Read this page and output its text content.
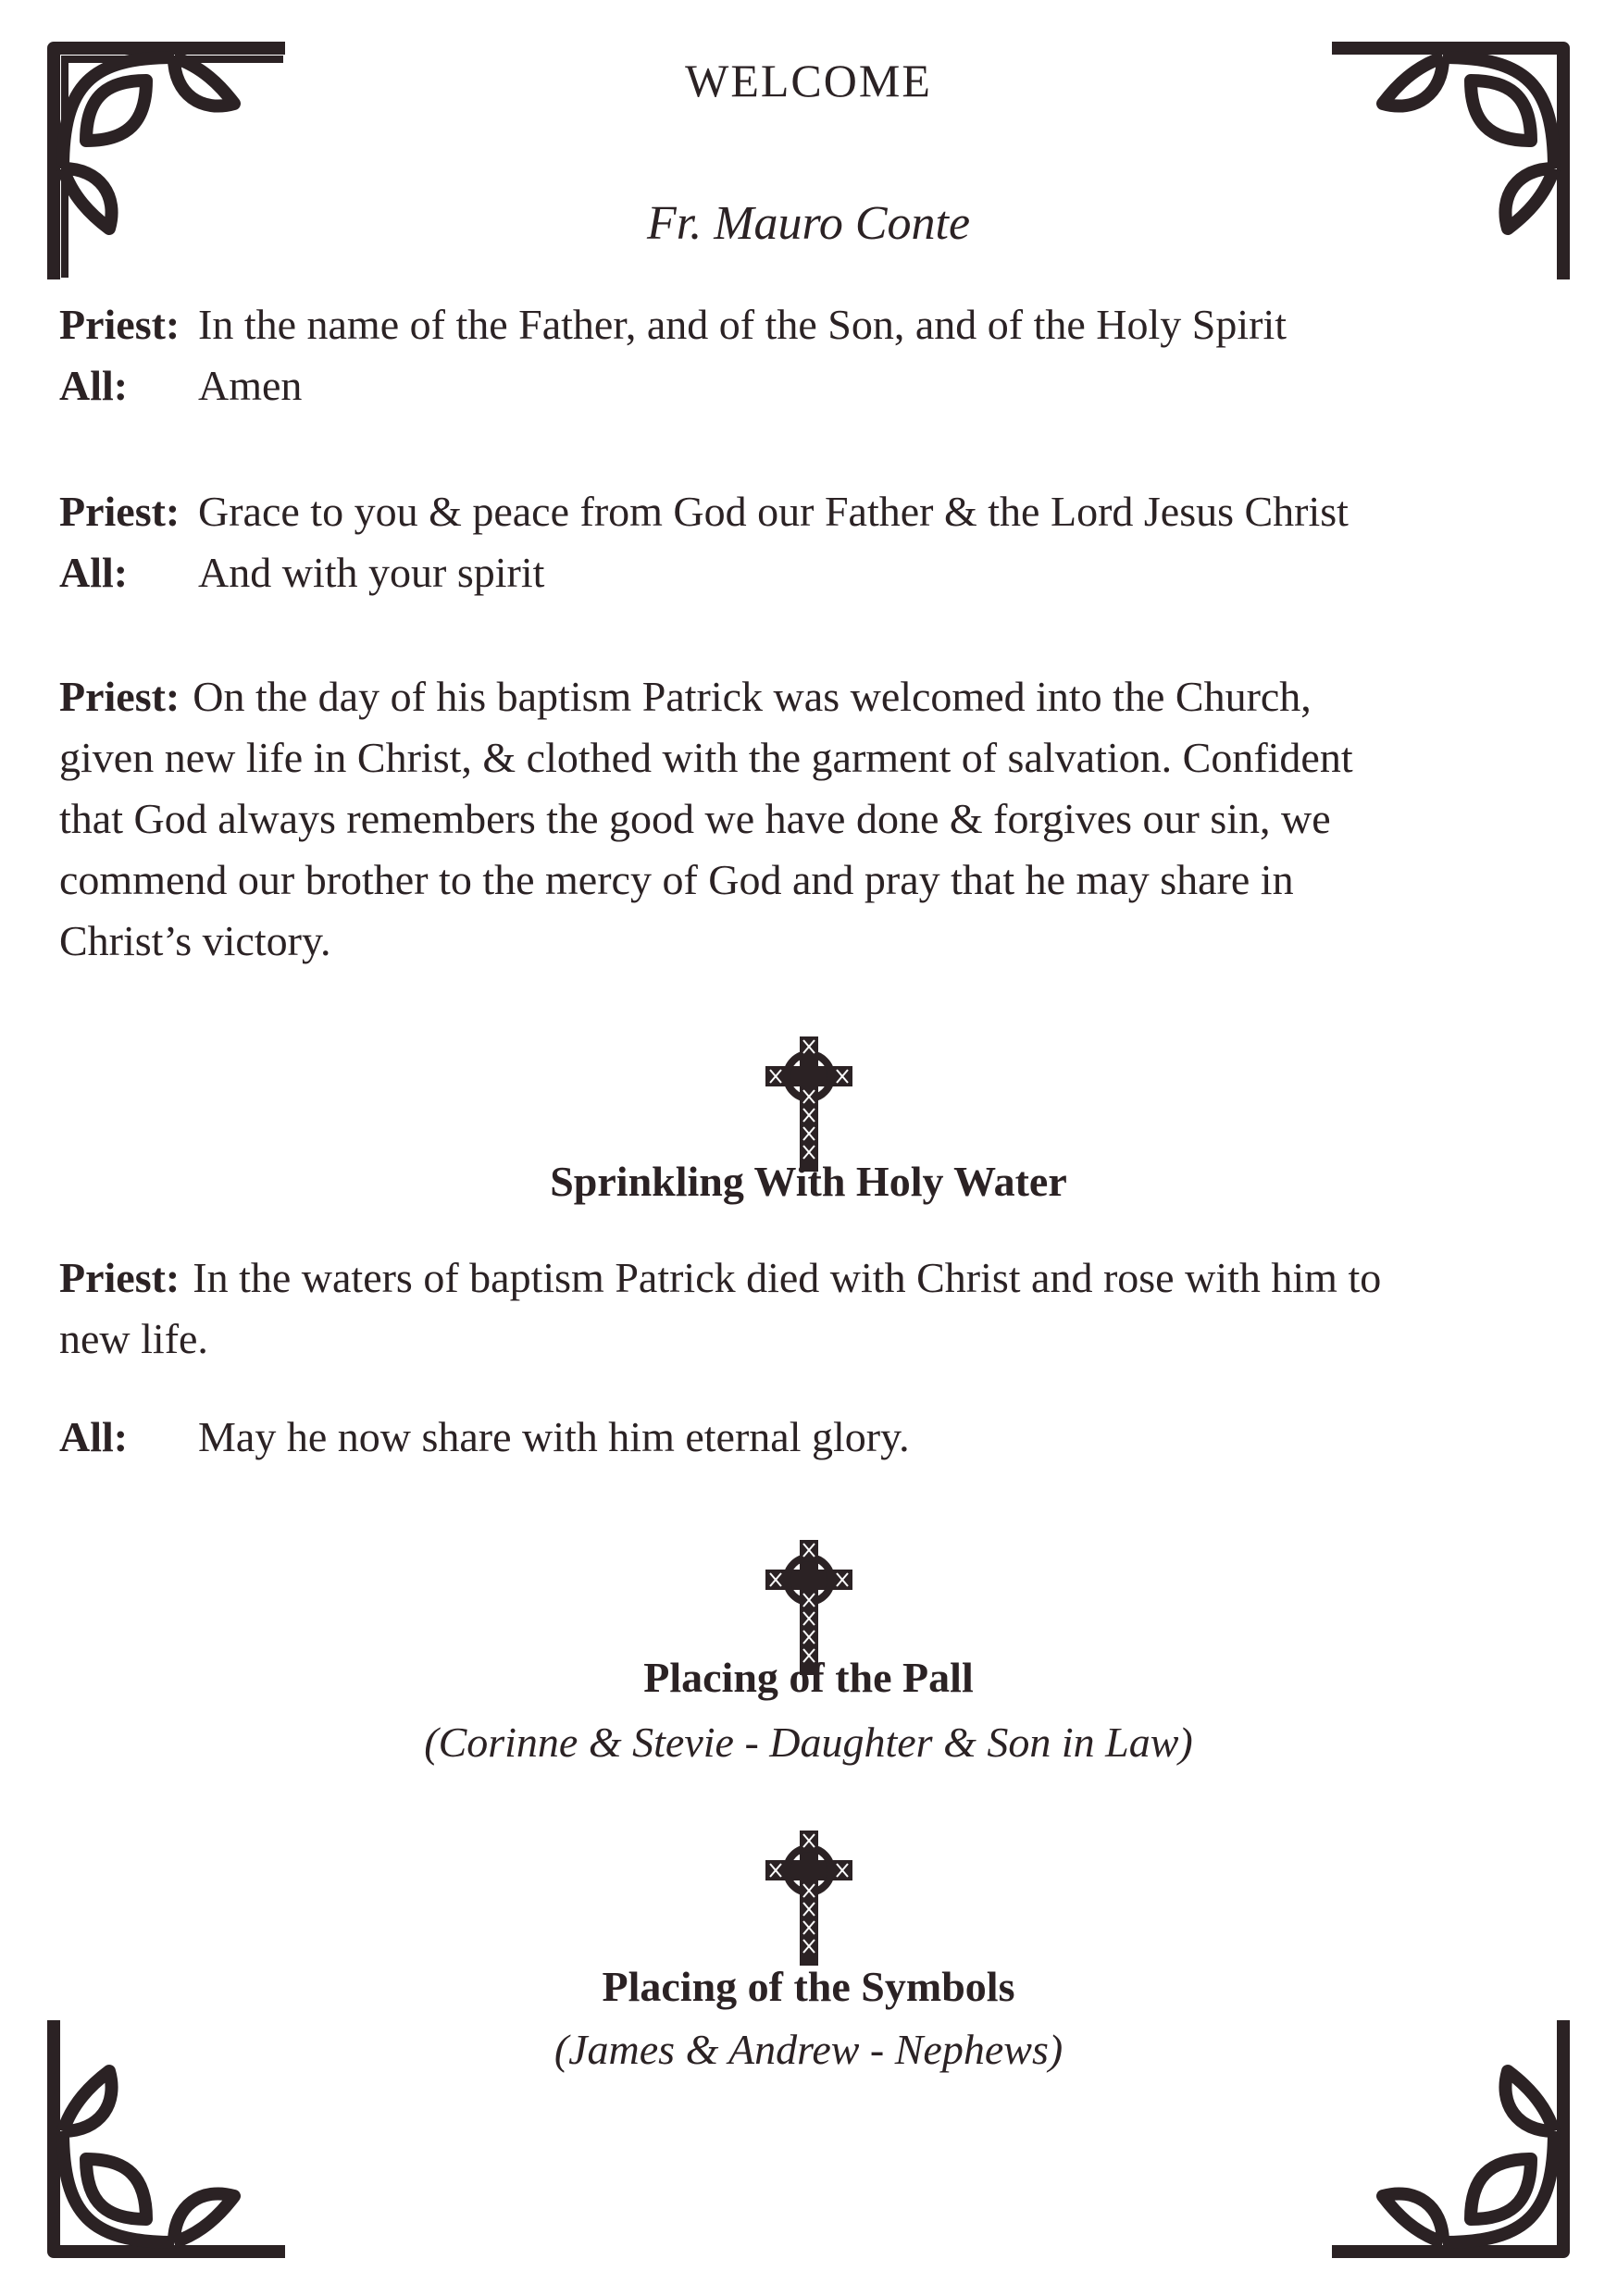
WELCOME
Fr. Mauro Conte
Priest: In the name of the Father, and of the Son, and of the Holy Spirit
All: Amen
Priest: Grace to you & peace from God our Father & the Lord Jesus Christ
All: And with your spirit
Priest: On the day of his baptism Patrick was welcomed into the Church,
given new life in Christ, & clothed with the garment of salvation. Confident
that God always remembers the good we have done & forgives our sin, we
commend our brother to the mercy of God and pray that he may share in
Christ’s victory.
Sprinkling With Holy Water
Priest: In the waters of baptism Patrick died with Christ and rose with him to
new life.
All: May he now share with him eternal glory.
Placing of the Pall
(Corinne & Stevie - Daughter & Son in Law)
Placing of the Symbols
(James & Andrew - Nephews)
